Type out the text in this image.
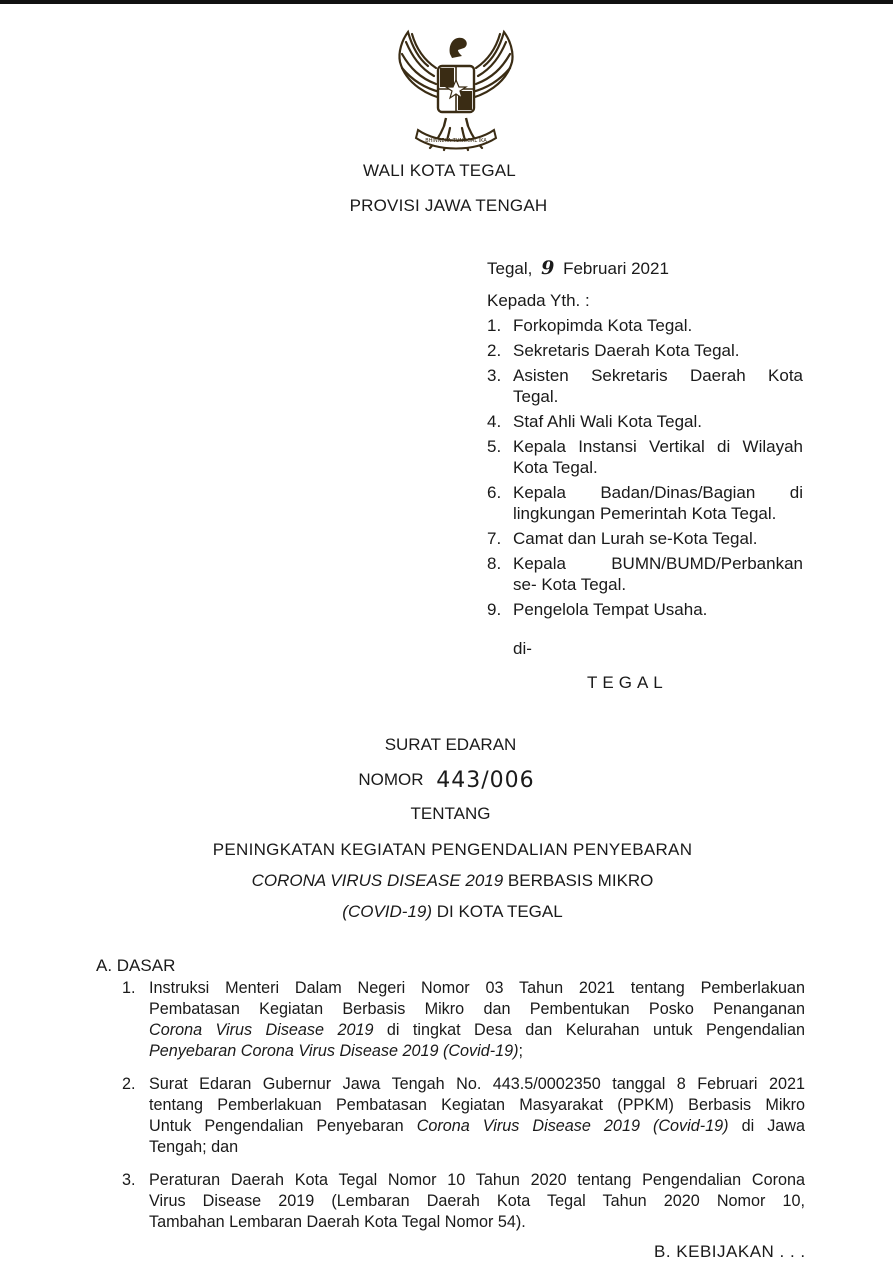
BHINNEKA TUNGGAL IKA
WALI KOTA TEGAL
PROVISI JAWA TENGAH
Tegal, 9 Februari 2021
Kepada Yth. :
1. Forkopimda Kota Tegal.
2. Sekretaris Daerah Kota Tegal.
3. Asisten Sekretaris Daerah Kota
Tegal.
4. Staf Ahli Wali Kota Tegal.
5. Kepala Instansi Vertikal di Wilayah
Kota Tegal.
6. Kepala Badan/Dinas/Bagian di
lingkungan Pemerintah Kota Tegal.
7. Camat dan Lurah se-Kota Tegal.
8. Kepala BUMN/BUMD/Perbankan
se- Kota Tegal.
9. Pengelola Tempat Usaha.
di-
TEGAL
SURAT EDARAN
NOMOR 443/006
TENTANG
PENINGKATAN KEGIATAN PENGENDALIAN PENYEBARAN
CORONA VIRUS DISEASE 2019 BERBASIS MIKRO
(COVID-19) DI KOTA TEGAL
A. DASAR
1. Instruksi Menteri Dalam Negeri Nomor 03 Tahun 2021 tentang Pemberlakuan
Pembatasan Kegiatan Berbasis Mikro dan Pembentukan Posko Penanganan
Corona Virus Disease 2019 di tingkat Desa dan Kelurahan untuk Pengendalian
Penyebaran Corona Virus Disease 2019 (Covid-19);
2. Surat Edaran Gubernur Jawa Tengah No. 443.5/0002350 tanggal 8 Februari 2021
tentang Pemberlakuan Pembatasan Kegiatan Masyarakat (PPKM) Berbasis Mikro
Untuk Pengendalian Penyebaran Corona Virus Disease 2019 (Covid-19) di Jawa
Tengah; dan
3. Peraturan Daerah Kota Tegal Nomor 10 Tahun 2020 tentang Pengendalian Corona
Virus Disease 2019 (Lembaran Daerah Kota Tegal Tahun 2020 Nomor 10,
Tambahan Lembaran Daerah Kota Tegal Nomor 54).
B. KEBIJAKAN . . .
